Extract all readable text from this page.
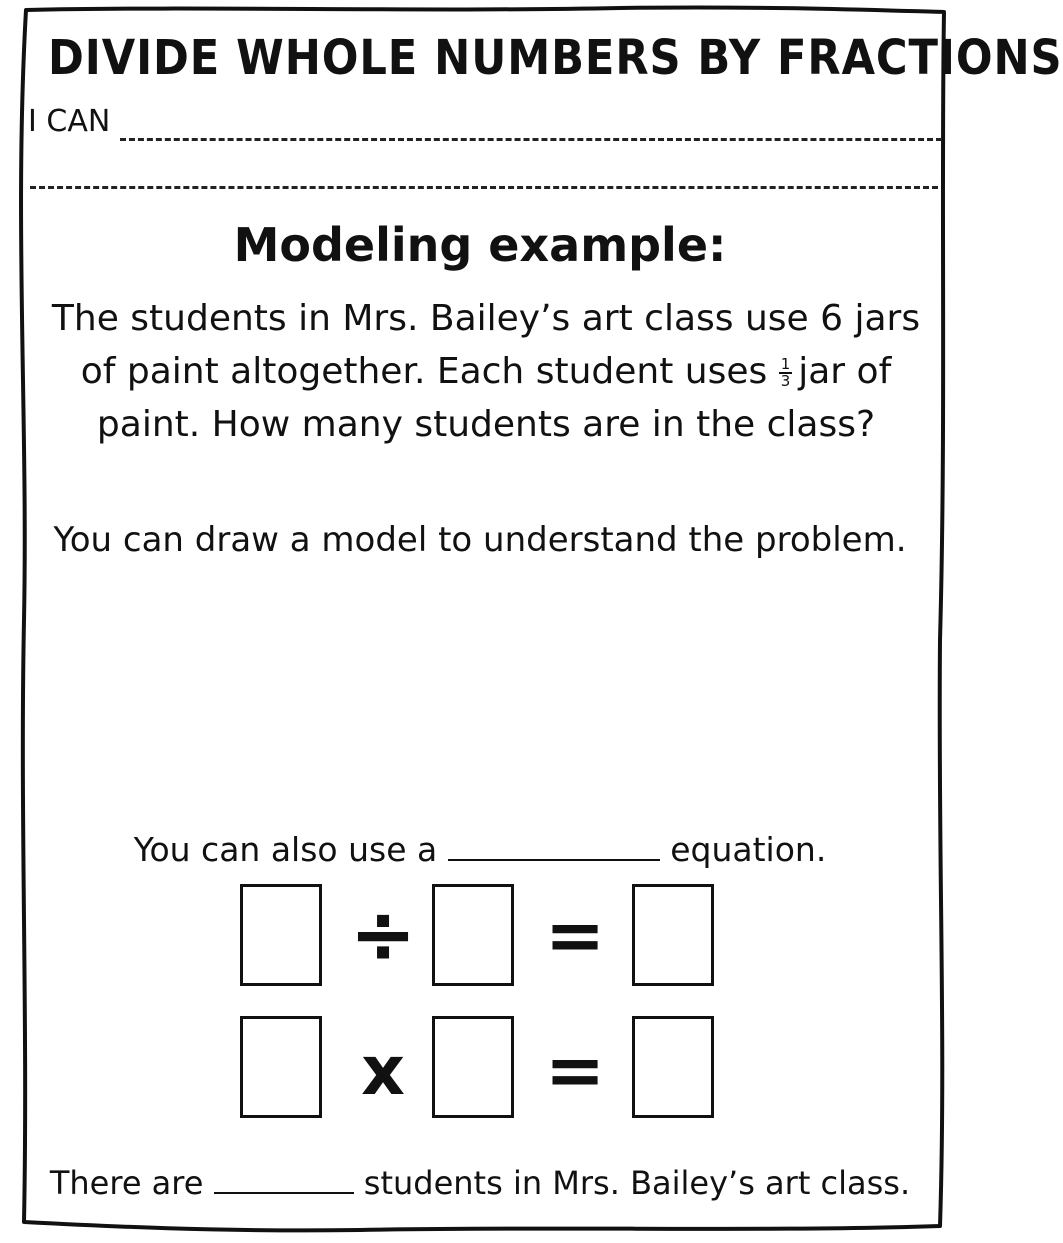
DIVIDE WHOLE NUMBERS BY FRACTIONS
I CAN
Modeling example:
The students in Mrs. Bailey’s art class use 6 jars of paint altogether. Each student uses $\frac{1}{3}$ jar of paint. How many students are in the class?
You can draw a model to understand the problem.
You can also use a	equation.
÷ =
x =
There are	students in Mrs. Bailey’s art class.
